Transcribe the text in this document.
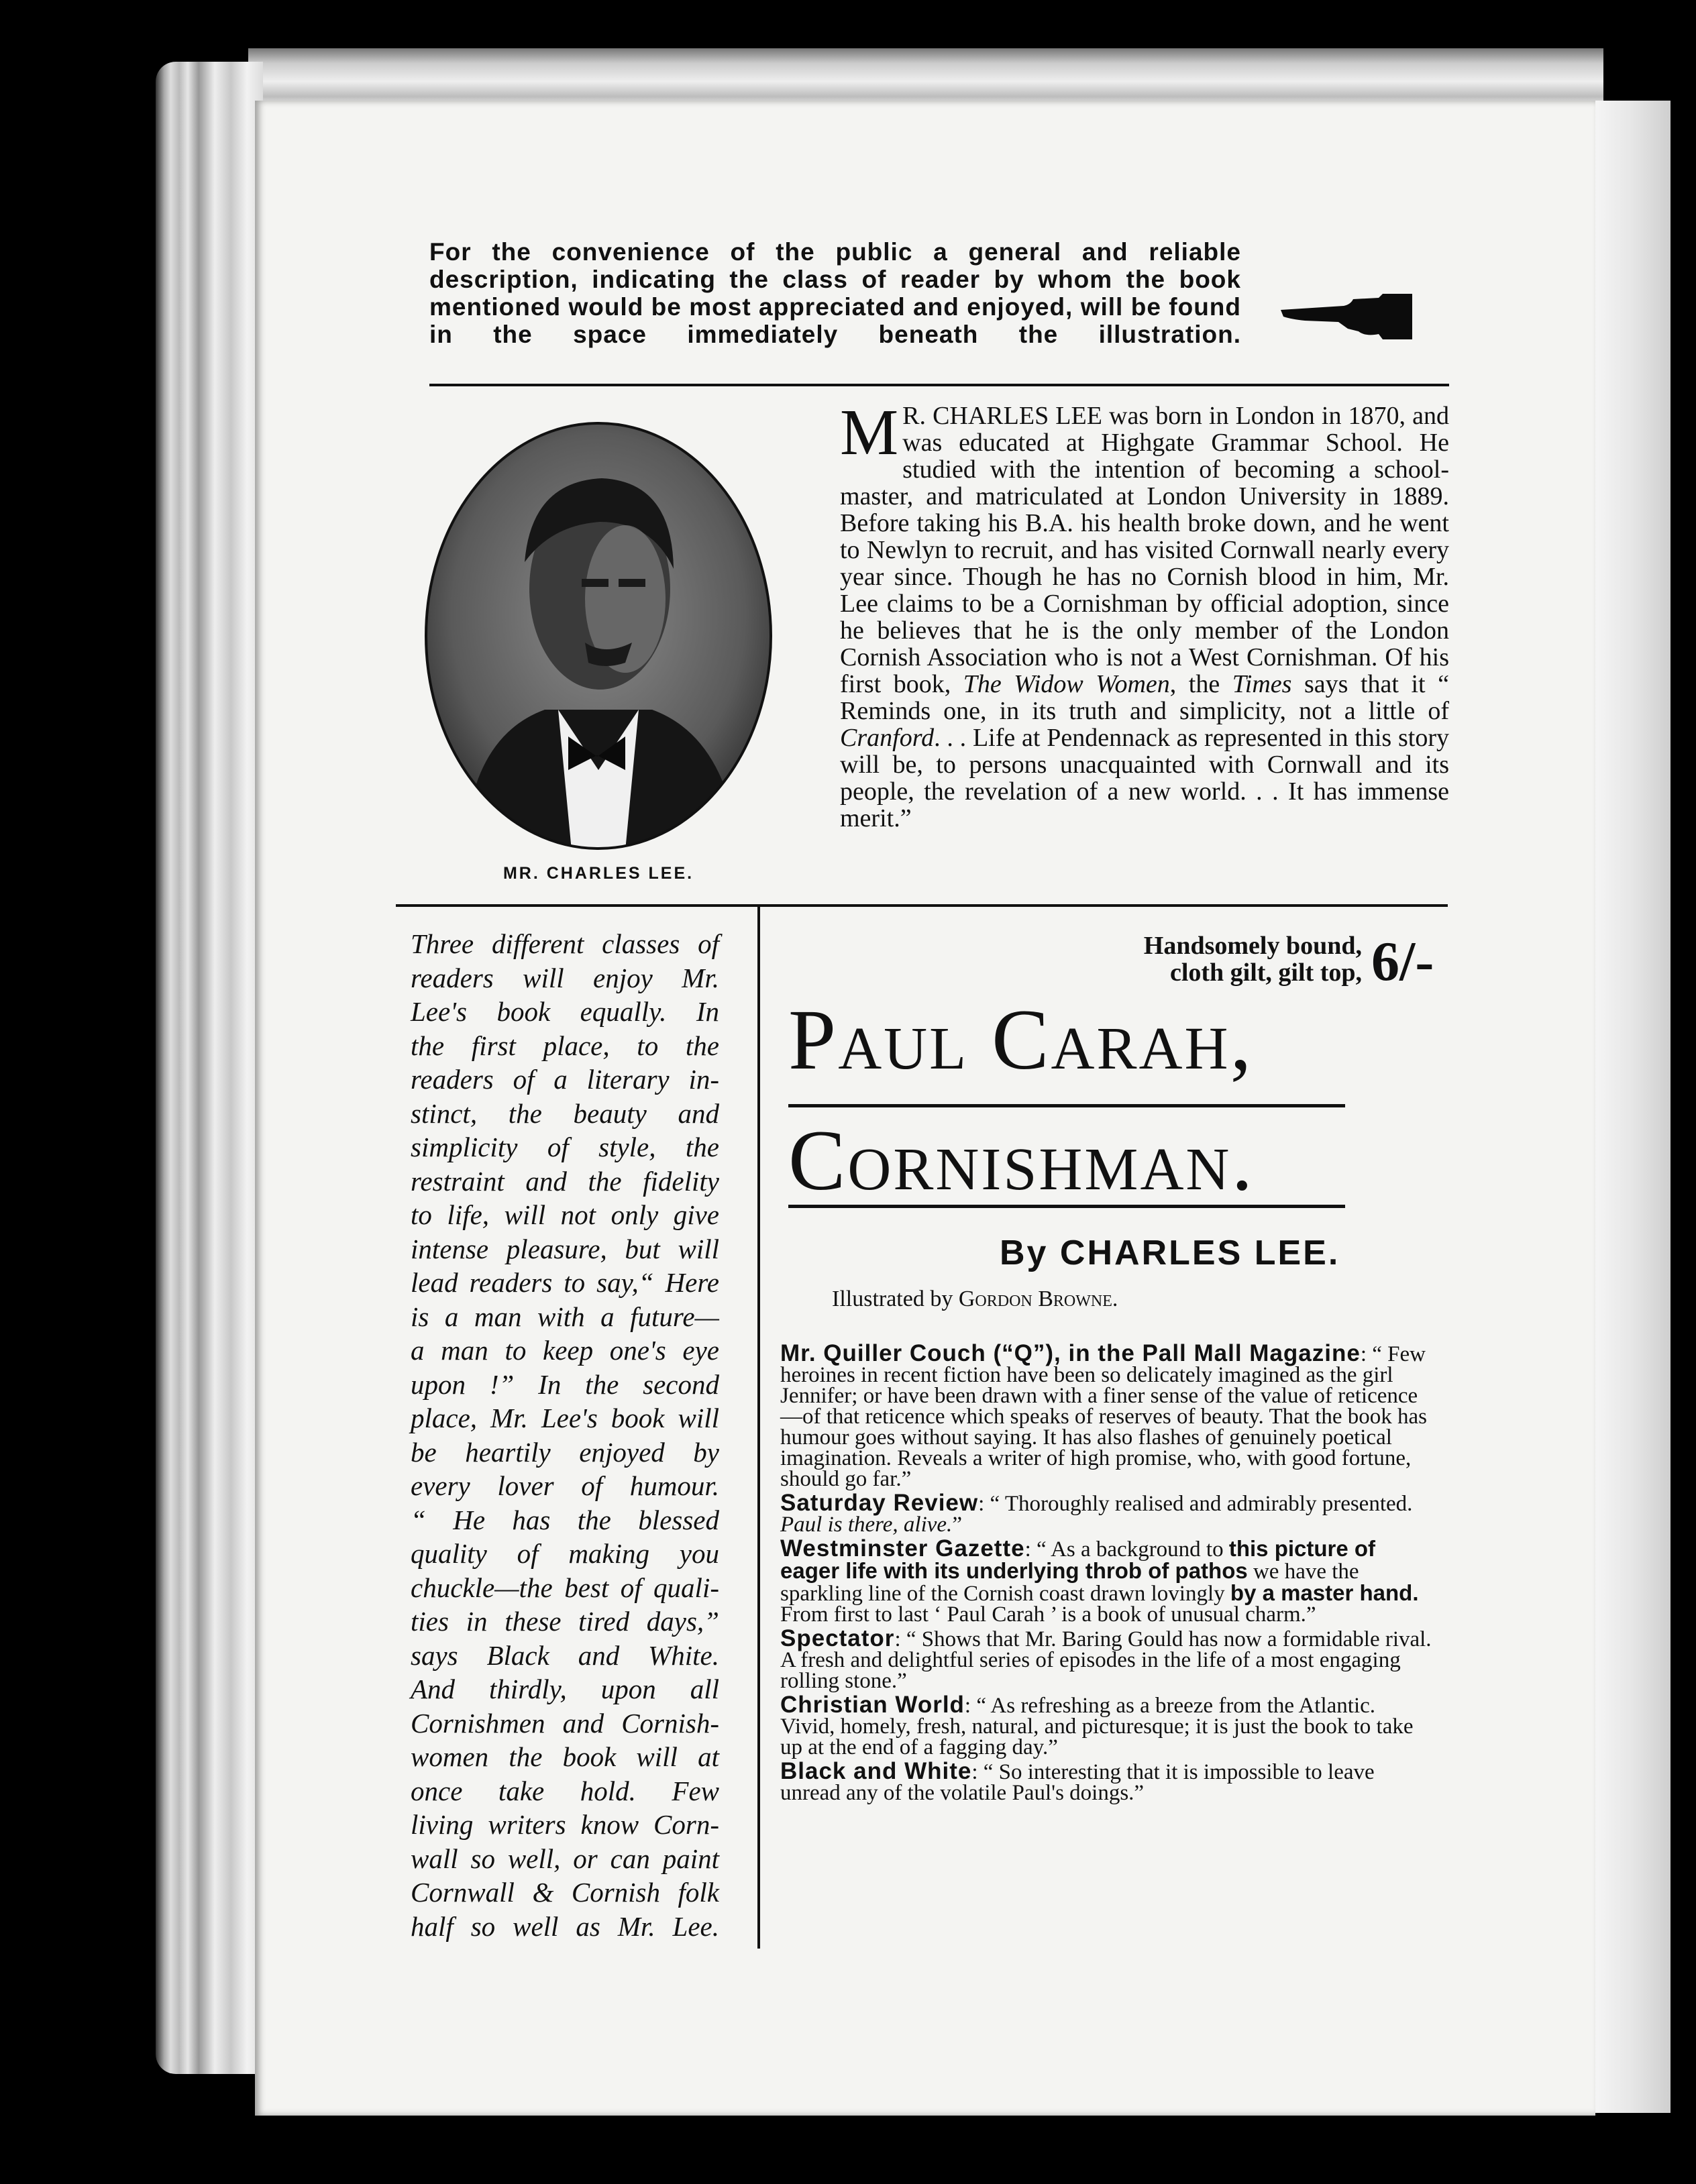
For the convenience of the public a general and reliable description, indicating the class of reader by whom the book mentioned would be most appreciated and enjoyed, will be found in the space immediately beneath the illustration.
MR. CHARLES LEE.
M R. CHARLES LEE was born in London in 1870, and was educated at Highgate Grammar School. He studied with the intention of becoming a school-master, and matriculated at London University in 1889. Before taking his B.A. his health broke down, and he went to Newlyn to recruit, and has visited Cornwall nearly every year since. Though he has no Cornish blood in him, Mr. Lee claims to be a Cornishman by official adoption, since he believes that he is the only member of the London Cornish Association who is not a West Cornishman. Of his first book, The Widow Women, the Times says that it “ Reminds one, in its truth and simplicity, not a little of Cranford. . . Life at Pendennack as represented in this story will be, to persons unacquainted with Cornwall and its people, the revelation of a new world. . . It has immense merit.”
Three different classes of
readers will enjoy Mr.
Lee's book equally. In
the first place, to the
readers of a literary in-
stinct, the beauty and
simplicity of style, the
restraint and the fidelity
to life, will not only give
intense pleasure, but will
lead readers to say,“ Here
is a man with a future—
a man to keep one's eye
upon !” In the second
place, Mr. Lee's book will
be heartily enjoyed by
every lover of humour.
“ He has the blessed
quality of making you
chuckle—the best of quali-
ties in these tired days,”
says Black and White.
And thirdly, upon all
Cornishmen and Cornish-
women the book will at
once take hold. Few
living writers know Corn-
wall so well, or can paint
Cornwall & Cornish folk
half so well as Mr. Lee.
Handsomely bound,
cloth gilt, gilt top, 6/-
Paul Carah,
Cornishman.
By CHARLES LEE.
Illustrated by Gordon Browne.
Mr. Quiller Couch (“Q”), in the Pall Mall Magazine: “ Few heroines in recent fiction have been so delicately imagined as the girl Jennifer; or have been drawn with a finer sense of the value of reticence—of that reticence which speaks of reserves of beauty. That the book has humour goes without saying. It has also flashes of genuinely poetical imagination. Reveals a writer of high promise, who, with good fortune, should go far.”
Saturday Review: “ Thoroughly realised and admirably presented. Paul is there, alive.”
Westminster Gazette: “ As a background to this picture of eager life with its underlying throb of pathos we have the sparkling line of the Cornish coast drawn lovingly by a master hand. From first to last ‘ Paul Carah ’ is a book of unusual charm.”
Spectator: “ Shows that Mr. Baring Gould has now a formidable rival. A fresh and delightful series of episodes in the life of a most engaging rolling stone.”
Christian World: “ As refreshing as a breeze from the Atlantic. Vivid, homely, fresh, natural, and picturesque; it is just the book to take up at the end of a fagging day.”
Black and White: “ So interesting that it is impossible to leave unread any of the volatile Paul's doings.”
